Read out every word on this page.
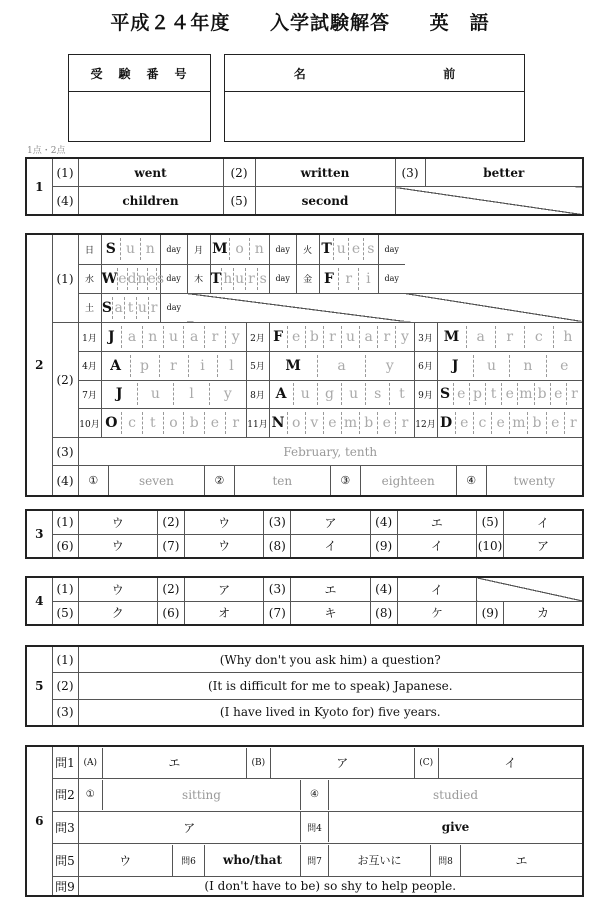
平成２４年度 入学試験解答 英　語
受　験　番　号	名	前
1点・2点
1	(1)	went	(2)	written	(3)	better
	(4)	children	(5)	second		
2	(1)	
日	S u n	day	月	M o n	day	火	T u e s	day
水	W e d n e s	day	木	T h u r s	day	金	F r	i	day
土	S a t u r	day		

(2)	
1月	J a n u a r y	2月	F e b r u a r y	3月	M	a	r	c	h

4月	A	p	r	i	l	5月	M	a	y	6月	J	u	n	e

7月	J	u	l	y	8月	A	u	g	u	s	t	9月	S e p t e m b e r

10月	O c t o b e r	11月	N o v e m b e r	12月	D e c e m b e r

(3)	February, tenth
(4)	①	seven	②	ten	③	eighteen	④	twenty
3	(1)	ウ	(2)	ウ	(3)	ア	(4)	エ	(5)	イ
	(6)	ウ	(7)	ウ	(8)	イ	(9)	イ	(10)	ア
4	(1)	ウ	(2)	ア	(3)	エ	(4)	イ		
	(5)	ク	(6)	オ	(7)	キ	(8)	ケ	(9)	カ
5	(1)	(Why don't you ask him) a question?
	(2)	(It is difficult for me to speak) Japanese.
	(3)	(I have lived in Kyoto for) five years.
6	問1	(A)	エ	(B)	ア	(C)	イ

問2	①	sitting	④	studied

問3		ア	問4	give

問5		ウ	問6	who/that	問7	お互いに	問8	エ

問9	(I don't have to be) so shy to help people.
